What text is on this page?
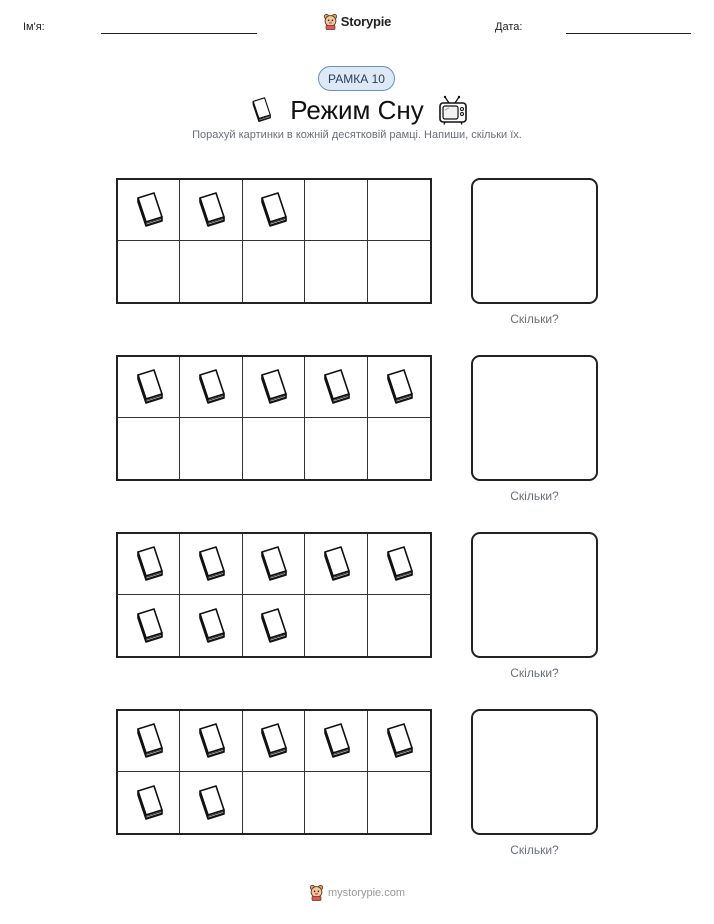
Ім'я:	Storypie	Дата:
РАМКА 10
Режим Сну
Порахуй картинки в кожній десятковій рамці. Напиши, скільки їх.
Скільки?
Скільки?
Скільки?
Скільки?
mystorypie.com
